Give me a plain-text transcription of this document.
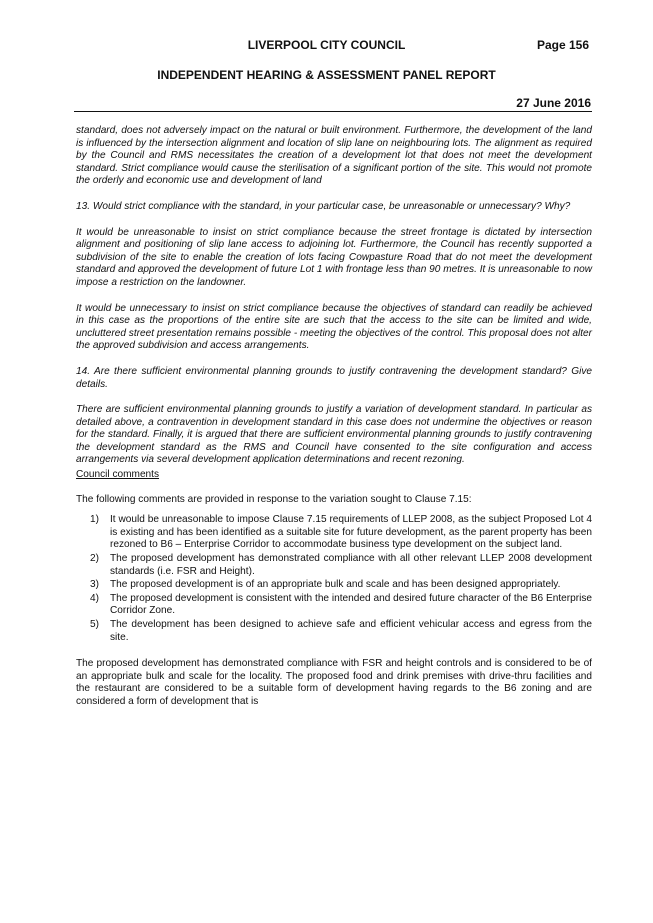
LIVERPOOL CITY COUNCIL	Page 156
INDEPENDENT HEARING & ASSESSMENT PANEL REPORT
27 June 2016

standard, does not adversely impact on the natural or built environment. Furthermore, the development of the land is influenced by the intersection alignment and location of slip lane on neighbouring lots. The alignment as required by the Council and RMS necessitates the creation of a development lot that does not meet the development standard. Strict compliance would cause the sterilisation of a significant portion of the site. This would not promote the orderly and economic use and development of land

13. Would strict compliance with the standard, in your particular case, be unreasonable or unnecessary? Why?

It would be unreasonable to insist on strict compliance because the street frontage is dictated by intersection alignment and positioning of slip lane access to adjoining lot. Furthermore, the Council has recently supported a subdivision of the site to enable the creation of lots facing Cowpasture Road that do not meet the development standard and approved the development of future Lot 1 with frontage less than 90 metres. It is unreasonable to now impose a restriction on the landowner.

It would be unnecessary to insist on strict compliance because the objectives of standard can readily be achieved in this case as the proportions of the entire site are such that the access to the site can be limited and wide, uncluttered street presentation remains possible - meeting the objectives of the control. This proposal does not alter the approved subdivision and access arrangements.

14. Are there sufficient environmental planning grounds to justify contravening the development standard? Give details.

There are sufficient environmental planning grounds to justify a variation of development standard. In particular as detailed above, a contravention in development standard in this case does not undermine the objectives or reason for the standard. Finally, it is argued that there are sufficient environmental planning grounds to justify contravening the development standard as the RMS and Council have consented to the site configuration and access arrangements via several development application determinations and recent rezoning.

Council comments

The following comments are provided in response to the variation sought to Clause 7.15:

1) It would be unreasonable to impose Clause 7.15 requirements of LLEP 2008, as the subject Proposed Lot 4 is existing and has been identified as a suitable site for future development, as the parent property has been rezoned to B6 – Enterprise Corridor to accommodate business type development on the subject land.
2) The proposed development has demonstrated compliance with all other relevant LLEP 2008 development standards (i.e. FSR and Height).
3) The proposed development is of an appropriate bulk and scale and has been designed appropriately.
4) The proposed development is consistent with the intended and desired future character of the B6 Enterprise Corridor Zone.
5) The development has been designed to achieve safe and efficient vehicular access and egress from the site.

The proposed development has demonstrated compliance with FSR and height controls and is considered to be of an appropriate bulk and scale for the locality. The proposed food and drink premises with drive-thru facilities and the restaurant are considered to be a suitable form of development having regards to the B6 zoning and are considered a form of development that is
